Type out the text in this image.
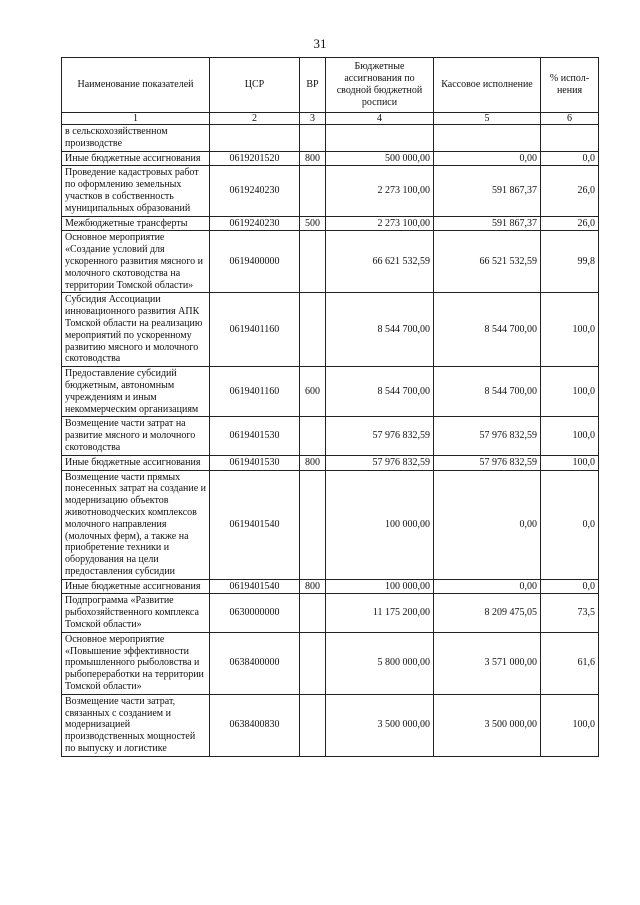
31
Наименование показателей	ЦСР	ВР	Бюджетные ассигнования по сводной бюджетной росписи	Кассовое исполнение	% испол-нения
1	2	3	4	5	6
в сельскохозяйственном производстве					
Иные бюджетные ассигнования	0619201520	800	500 000,00	0,00	0,0
Проведение кадастровых работ по оформлению земельных участков в собственность муниципальных образований	0619240230		2 273 100,00	591 867,37	26,0
Межбюджетные трансферты	0619240230	500	2 273 100,00	591 867,37	26,0
Основное мероприятие «Создание условий для ускоренного развития мясного и молочного скотоводства на территории Томской области»	0619400000		66 621 532,59	66 521 532,59	99,8
Субсидия Ассоциации инновационного развития АПК Томской области на реализацию мероприятий по ускоренному развитию мясного и молочного скотоводства	0619401160		8 544 700,00	8 544 700,00	100,0
Предоставление субсидий бюджетным, автономным учреждениям и иным некоммерческим организациям	0619401160	600	8 544 700,00	8 544 700,00	100,0
Возмещение части затрат на развитие мясного и молочного скотоводства	0619401530		57 976 832,59	57 976 832,59	100,0
Иные бюджетные ассигнования	0619401530	800	57 976 832,59	57 976 832,59	100,0
Возмещение части прямых понесенных затрат на создание и модернизацию объектов животноводческих комплексов молочного направления (молочных ферм), а также на приобретение техники и оборудования на цели предоставления субсидии	0619401540		100 000,00	0,00	0,0
Иные бюджетные ассигнования	0619401540	800	100 000,00	0,00	0,0
Подпрограмма «Развитие рыбохозяйственного комплекса Томской области»	0630000000		11 175 200,00	8 209 475,05	73,5
Основное мероприятие «Повышение эффективности промышленного рыболовства и рыбопереработки на территории Томской области»	0638400000		5 800 000,00	3 571 000,00	61,6
Возмещение части затрат, связанных с созданием и модернизацией производственных мощностей по выпуску и логистике	0638400830		3 500 000,00	3 500 000,00	100,0
